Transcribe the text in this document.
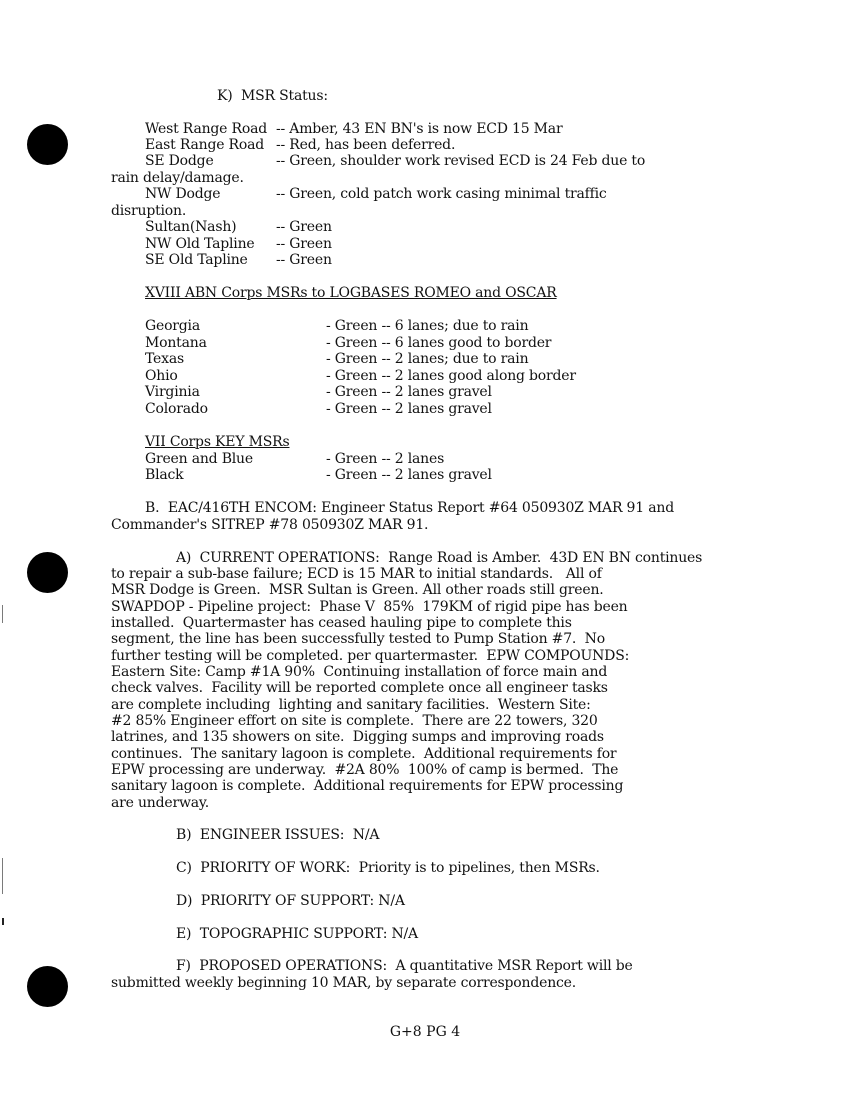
K)  MSR Status:
West Range Road -- Amber, 43 EN BN's is now ECD 15 Mar
East Range Road -- Red, has been deferred.
SE Dodge	-- Green, shoulder work revised ECD is 24 Feb due to
rain delay/damage.
NW Dodge	-- Green, cold patch work casing minimal traffic
disruption.
Sultan(Nash)	-- Green
NW Old Tapline -- Green
SE Old Tapline -- Green
XVIII ABN Corps MSRs to LOGBASES ROMEO and OSCAR
Georgia	- Green -- 6 lanes; due to rain
Montana	- Green -- 6 lanes good to border
Texas	- Green -- 2 lanes; due to rain
Ohio	- Green -- 2 lanes good along border
Virginia	- Green -- 2 lanes gravel
Colorado	- Green -- 2 lanes gravel
VII Corps KEY MSRs
Green and Blue	- Green -- 2 lanes
Black	- Green -- 2 lanes gravel
B.  EAC/416TH ENCOM: Engineer Status Report #64 050930Z MAR 91 and
Commander's SITREP #78 050930Z MAR 91.
A)  CURRENT OPERATIONS:  Range Road is Amber.  43D EN BN continues
to repair a sub-base failure; ECD is 15 MAR to initial standards.   All of
MSR Dodge is Green.  MSR Sultan is Green. All other roads still green.
SWAPDOP - Pipeline project:  Phase V  85%  179KM of rigid pipe has been
installed.  Quartermaster has ceased hauling pipe to complete this
segment, the line has been successfully tested to Pump Station #7.  No
further testing will be completed. per quartermaster.  EPW COMPOUNDS:
Eastern Site: Camp #1A 90%  Continuing installation of force main and
check valves.  Facility will be reported complete once all engineer tasks
are complete including  lighting and sanitary facilities.  Western Site:
#2 85% Engineer effort on site is complete.  There are 22 towers, 320
latrines, and 135 showers on site.  Digging sumps and improving roads
continues.  The sanitary lagoon is complete.  Additional requirements for
EPW processing are underway.  #2A 80%  100% of camp is bermed.  The
sanitary lagoon is complete.  Additional requirements for EPW processing
are underway.
B)  ENGINEER ISSUES:  N/A
C)  PRIORITY OF WORK:  Priority is to pipelines, then MSRs.
D)  PRIORITY OF SUPPORT: N/A
E)  TOPOGRAPHIC SUPPORT: N/A
F)  PROPOSED OPERATIONS:  A quantitative MSR Report will be
submitted weekly beginning 10 MAR, by separate correspondence.
G+8 PG 4
